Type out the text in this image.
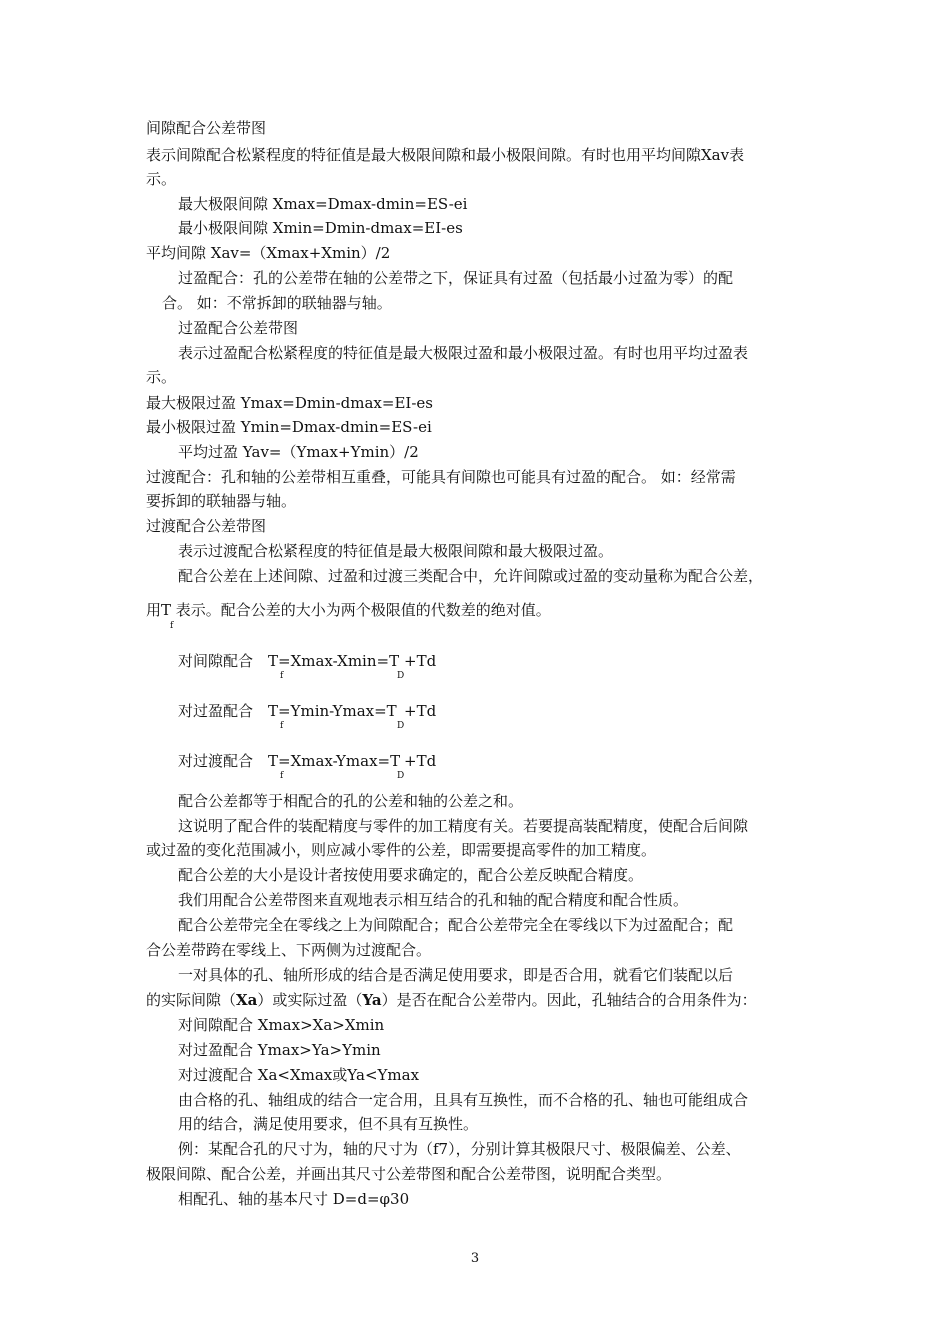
间隙配合公差带图
表示间隙配合松紧程度的特征值是最大极限间隙和最小极限间隙。有时也用平均间隙Xav表
示。
最大极限间隙 Xmax=Dmax-dmin=ES-ei
最小极限间隙 Xmin=Dmin-dmax=EI-es
平均间隙 Xav=（Xmax+Xmin）/2
过盈配合：孔的公差带在轴的公差带之下，保证具有过盈（包括最小过盈为零）的配
合。 如：不常拆卸的联轴器与轴。
过盈配合公差带图
表示过盈配合松紧程度的特征值是最大极限过盈和最小极限过盈。有时也用平均过盈表
示。
最大极限过盈 Ymax=Dmin-dmax=EI-es
最小极限过盈 Ymin=Dmax-dmin=ES-ei
平均过盈 Yav=（Ymax+Ymin）/2
过渡配合：孔和轴的公差带相互重叠，可能具有间隙也可能具有过盈的配合。 如：经常需
要拆卸的联轴器与轴。
过渡配合公差带图
表示过渡配合松紧程度的特征值是最大极限间隙和最大极限过盈。
配合公差在上述间隙、过盈和过渡三类配合中，允许间隙或过盈的变动量称为配合公差，
用T 表示。配合公差的大小为两个极限值的代数差的绝对值。
f
对间隙配合 T =Xmax-Xmin=T +Td
f	D
对过盈配合 T =Ymin-Ymax=T +Td
f	D
对过渡配合 T =Xmax-Ymax=T +Td
f	D
配合公差都等于相配合的孔的公差和轴的公差之和。
这说明了配合件的装配精度与零件的加工精度有关。若要提高装配精度，使配合后间隙
或过盈的变化范围减小，则应减小零件的公差，即需要提高零件的加工精度。
配合公差的大小是设计者按使用要求确定的，配合公差反映配合精度。
我们用配合公差带图来直观地表示相互结合的孔和轴的配合精度和配合性质。
配合公差带完全在零线之上为间隙配合；配合公差带完全在零线以下为过盈配合；配
合公差带跨在零线上、下两侧为过渡配合。
一对具体的孔、轴所形成的结合是否满足使用要求，即是否合用，就看它们装配以后
的实际间隙（Xa）或实际过盈（Ya）是否在配合公差带内。因此，孔轴结合的合用条件为：
对间隙配合 Xmax>Xa>Xmin
对过盈配合 Ymax>Ya>Ymin
对过渡配合 Xa<Xmax或Ya<Ymax
由合格的孔、轴组成的结合一定合用，且具有互换性，而不合格的孔、轴也可能组成合
用的结合，满足使用要求，但不具有互换性。
例：某配合孔的尺寸为，轴的尺寸为（f7），分别计算其极限尺寸、极限偏差、公差、
极限间隙、配合公差，并画出其尺寸公差带图和配合公差带图，说明配合类型。
相配孔、轴的基本尺寸 D=d=φ30
3
